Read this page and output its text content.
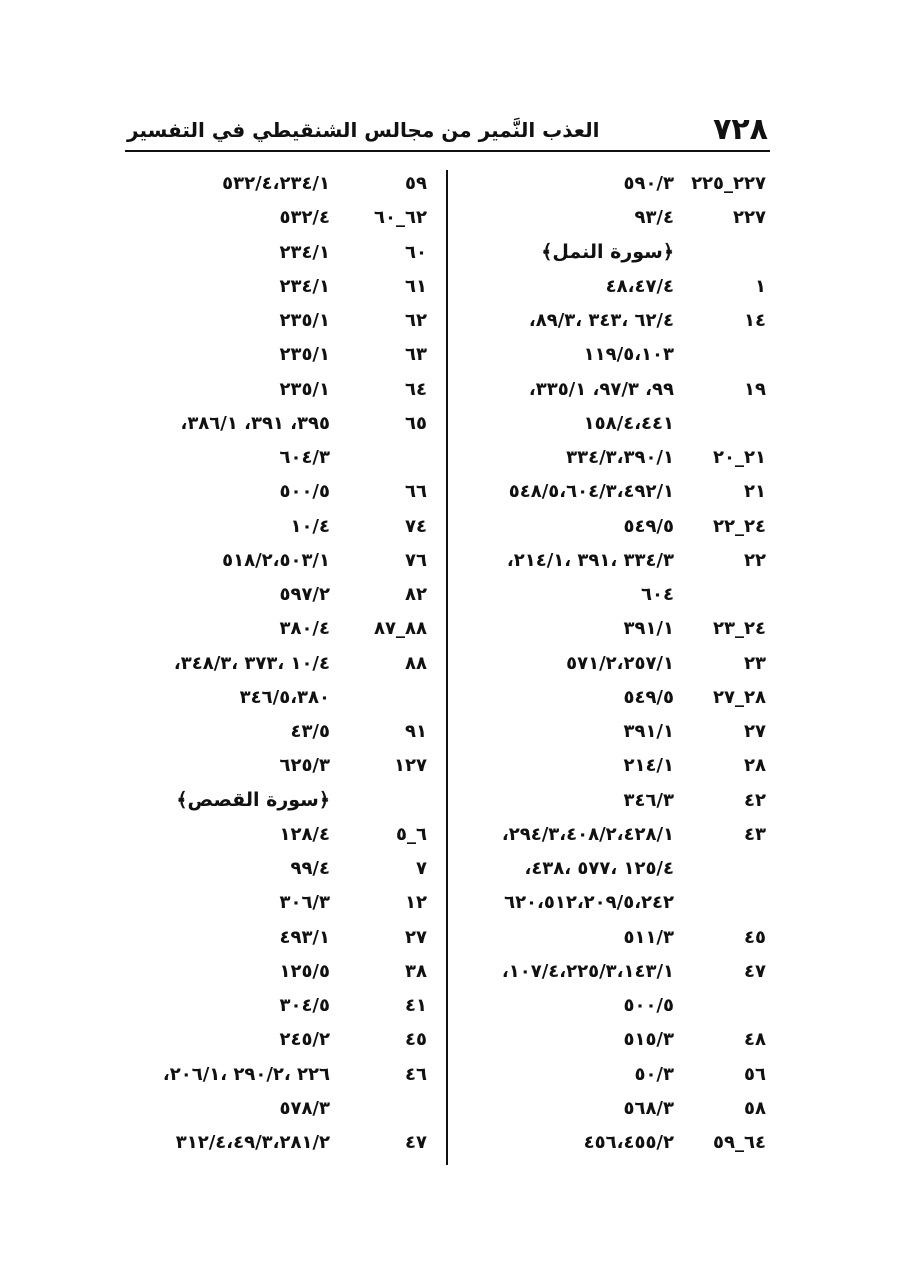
٧٢٨
العذب النَّمير من مجالس الشنقيطي في التفسير
٢٢٧_٢٢٥
٥٩٠/٣
٢٢٧
٩٣/٤
﴿سورة النمل﴾
١
٤٨،٤٧/٤
١٤
٦٢/٤ ،٣٤٣ ،٨٩/٣،
١١٩/٥،١٠٣
١٩
٩٩، ٩٧/٣، ٣٣٥/١،
١٥٨/٤،٤٤١
٢١_٢٠
٣٣٤/٣،٣٩٠/١
٢١
٥٤٨/٥،٦٠٤/٣،٤٩٢/١
٢٤_٢٢
٥٤٩/٥
٢٢
٣٣٤/٣ ،٣٩١ ،٢١٤/١،
٦٠٤
٢٤_٢٣
٣٩١/١
٢٣
٥٧١/٢،٢٥٧/١
٢٨_٢٧
٥٤٩/٥
٢٧
٣٩١/١
٢٨
٢١٤/١
٤٢
٣٤٦/٣
٤٣
٢٩٤/٣،٤٠٨/٢،٤٢٨/١،
١٢٥/٤ ،٥٧٧ ،٤٣٨،
٦٢٠،٥١٢،٢٠٩/٥،٢٤٢
٤٥
٥١١/٣
٤٧
١٠٧/٤،٢٢٥/٣،١٤٣/١،
٥٠٠/٥
٤٨
٥١٥/٣
٥٦
٥٠/٣
٥٨
٥٦٨/٣
٦٤_٥٩
٤٥٦،٤٥٥/٢
٥٩
٥٣٢/٤،٢٣٤/١
٦٢_٦٠
٥٣٢/٤
٦٠
٢٣٤/١
٦١
٢٣٤/١
٦٢
٢٣٥/١
٦٣
٢٣٥/١
٦٤
٢٣٥/١
٦٥
٣٩٥، ٣٩١، ٣٨٦/١،
٦٠٤/٣
٦٦
٥٠٠/٥
٧٤
١٠/٤
٧٦
٥١٨/٢،٥٠٣/١
٨٢
٥٩٧/٢
٨٨_٨٧
٣٨٠/٤
٨٨
١٠/٤ ،٣٧٣ ،٣٤٨/٣،
٣٤٦/٥،٣٨٠
٩١
٤٣/٥
١٢٧
٦٢٥/٣
﴿سورة القصص﴾
٦_٥
١٢٨/٤
٧
٩٩/٤
١٢
٣٠٦/٣
٢٧
٤٩٣/١
٣٨
١٢٥/٥
٤١
٣٠٤/٥
٤٥
٢٤٥/٢
٤٦
٢٢٦ ،٢٩٠/٢ ،٢٠٦/١،
٥٧٨/٣
٤٧
٣١٢/٤،٤٩/٣،٢٨١/٢
